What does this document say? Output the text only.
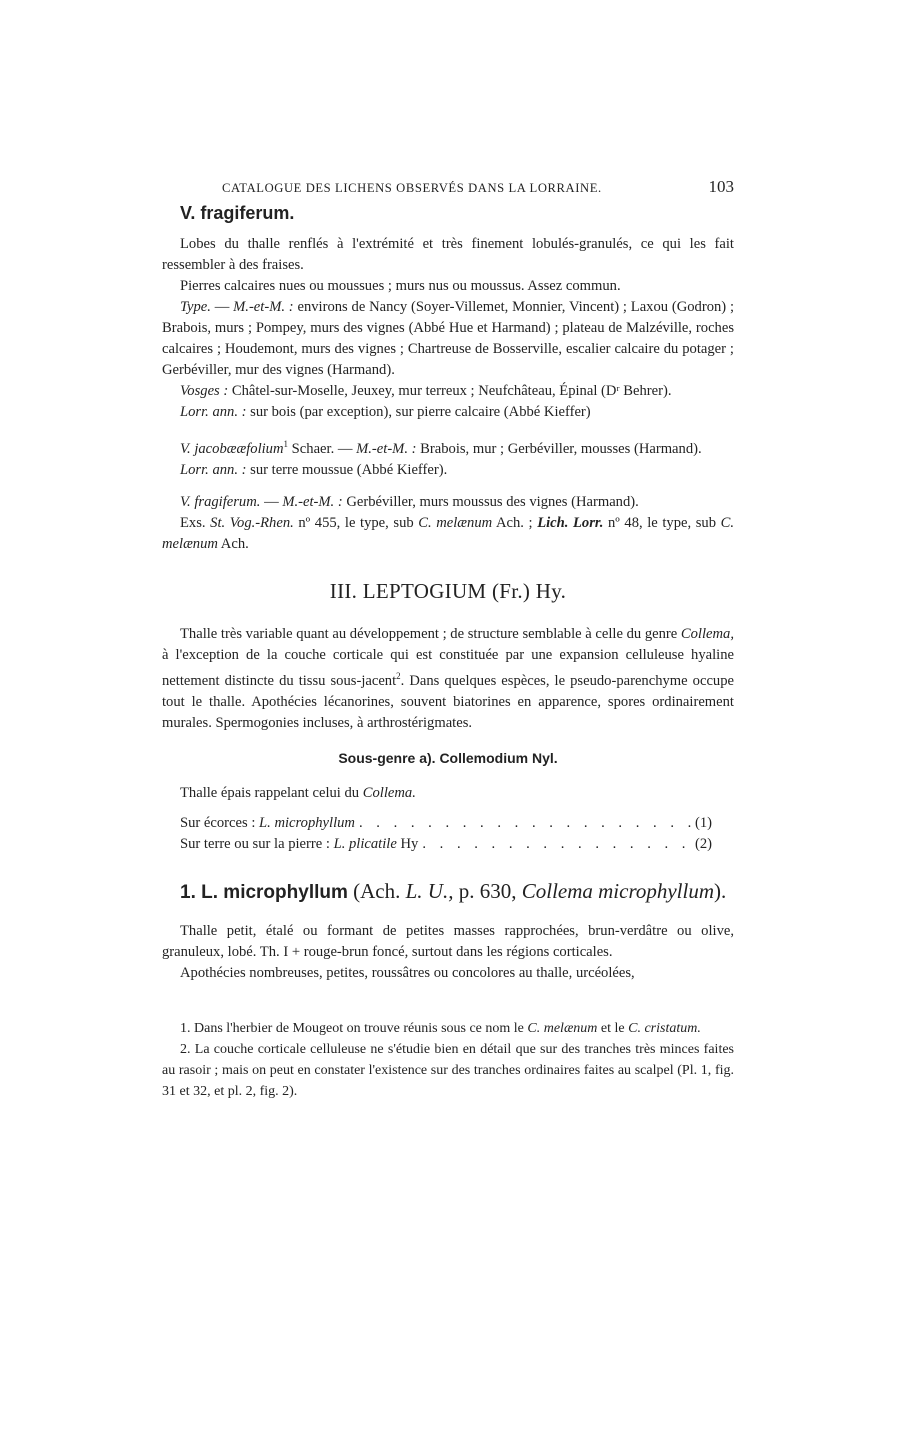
CATALOGUE DES LICHENS OBSERVÉS DANS LA LORRAINE.	103
V. fragiferum.

Lobes du thalle renflés à l'extrémité et très finement lobulés-granulés, ce qui les fait ressembler à des fraises.

Pierres calcaires nues ou moussues ; murs nus ou moussus. Assez commun.

Type. — M.-et-M. : environs de Nancy (Soyer-Villemet, Monnier, Vincent) ; Laxou (Godron) ; Brabois, murs ; Pompey, murs des vignes (Abbé Hue et Harmand) ; plateau de Malzéville, roches calcaires ; Houdemont, murs des vignes ; Chartreuse de Bosserville, escalier calcaire du potager ; Gerbéviller, mur des vignes (Harmand).

Vosges : Châtel-sur-Moselle, Jeuxey, mur terreux ; Neufchâteau, Épinal (Dʳ Behrer).

Lorr. ann. : sur bois (par exception), sur pierre calcaire (Abbé Kieffer)

V. jacobææfolium$^1$ Schaer. — M.-et-M. : Brabois, mur ; Gerbéviller, mousses (Harmand).

Lorr. ann. : sur terre moussue (Abbé Kieffer).

V. fragiferum. — M.-et-M. : Gerbéviller, murs moussus des vignes (Harmand).

Exs. St. Vog.-Rhen. nº 455, le type, sub C. melænum Ach. ; Lich. Lorr. nº 48, le type, sub C. melænum Ach.

III. LEPTOGIUM (Fr.) Hy.

Thalle très variable quant au développement ; de structure semblable à celle du genre Collema, à l'exception de la couche corticale qui est constituée par une expansion celluleuse hyaline nettement distincte du tissu sous-jacent$^2$. Dans quelques espèces, le pseudo-parenchyme occupe tout le thalle. Apothécies lécanorines, souvent biatorines en apparence, spores ordinairement murales. Spermogonies incluses, à arthrostérigmates.

Sous-genre a). Collemodium Nyl.

Thalle épais rappelant celui du Collema.

Sur écorces : L. microphyllum . . .	(1)
Sur terre ou sur la pierre : L. plicatile Hy . . .	(2)

1. L. microphyllum (Ach. L. U., p. 630, Collema microphyllum).

Thalle petit, étalé ou formant de petites masses rapprochées, brun-verdâtre ou olive, granuleux, lobé. Th. I + rouge-brun foncé, surtout dans les régions corticales.

Apothécies nombreuses, petites, roussâtres ou concolores au thalle, urcéolées,

1. Dans l'herbier de Mougeot on trouve réunis sous ce nom le C. melænum et le C. cristatum.

2. La couche corticale celluleuse ne s'étudie bien en détail que sur des tranches très minces faites au rasoir ; mais on peut en constater l'existence sur des tranches ordinaires faites au scalpel (Pl. 1, fig. 31 et 32, et pl. 2, fig. 2).
